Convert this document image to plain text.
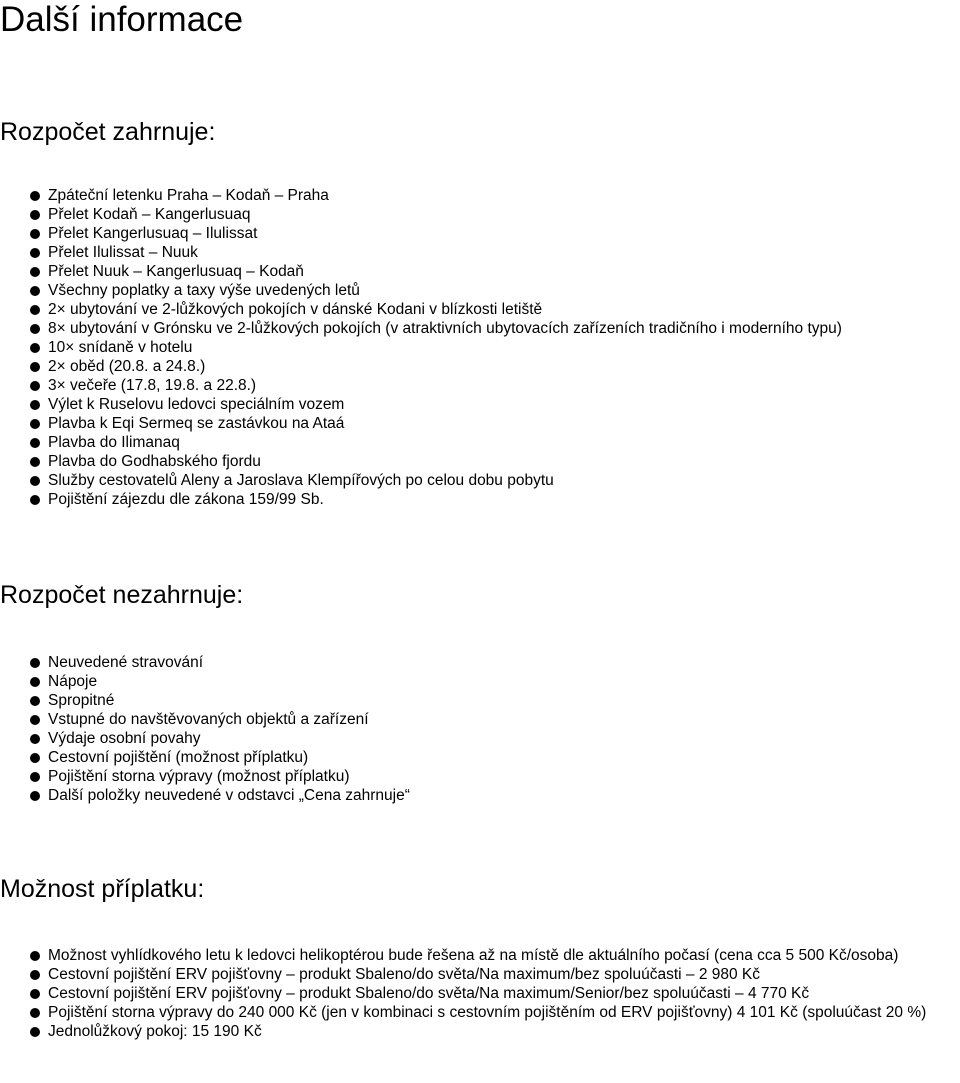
Další informace
Rozpočet zahrnuje:
Zpáteční letenku Praha – Kodaň – Praha
Přelet Kodaň – Kangerlusuaq
Přelet Kangerlusuaq – Ilulissat
Přelet Ilulissat – Nuuk
Přelet Nuuk – Kangerlusuaq – Kodaň
Všechny poplatky a taxy výše uvedených letů
2× ubytování ve 2-lůžkových pokojích v dánské Kodani v blízkosti letiště
8× ubytování v Grónsku ve 2-lůžkových pokojích (v atraktivních ubytovacích zařízeních tradičního i moderního typu)
10× snídaně v hotelu
2× oběd (20.8. a 24.8.)
3× večeře (17.8, 19.8. a 22.8.)
Výlet k Ruselovu ledovci speciálním vozem
Plavba k Eqi Sermeq se zastávkou na Ataá
Plavba do Ilimanaq
Plavba do Godhabského fjordu
Služby cestovatelů Aleny a Jaroslava Klempířových po celou dobu pobytu
Pojištění zájezdu dle zákona 159/99 Sb.
Rozpočet nezahrnuje:
Neuvedené stravování
Nápoje
Spropitné
Vstupné do navštěvovaných objektů a zařízení
Výdaje osobní povahy
Cestovní pojištění (možnost příplatku)
Pojištění storna výpravy (možnost příplatku)
Další položky neuvedené v odstavci „Cena zahrnuje“
Možnost příplatku:
Možnost vyhlídkového letu k ledovci helikoptérou bude řešena až na místě dle aktuálního počasí (cena cca 5 500 Kč/osoba)
Cestovní pojištění ERV pojišťovny – produkt Sbaleno/do světa/Na maximum/bez spoluúčasti – 2 980 Kč
Cestovní pojištění ERV pojišťovny – produkt Sbaleno/do světa/Na maximum/Senior/bez spoluúčasti – 4 770 Kč
Pojištění storna výpravy do 240 000 Kč (jen v kombinaci s cestovním pojištěním od ERV pojišťovny) 4 101 Kč (spoluúčast 20 %)
Jednolůžkový pokoj: 15 190 Kč
